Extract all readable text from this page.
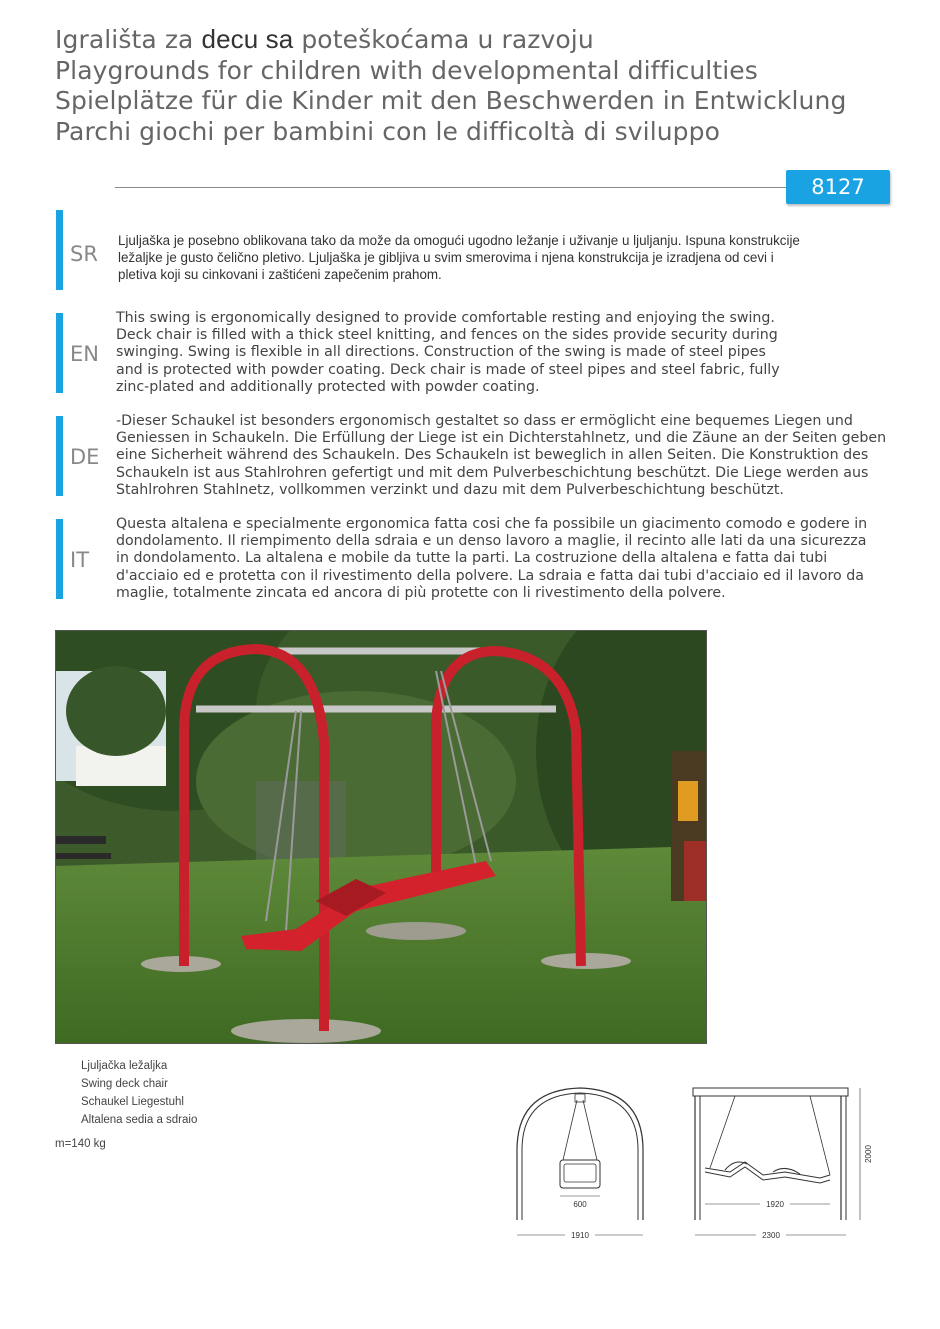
Igrališta za decu sa poteškoćama u razvoju
Playgrounds for children with developmental difficulties
Spielplätze für die Kinder mit den Beschwerden in Entwicklung
Parchi giochi per bambini con le difficoltà di sviluppo
8127
SR
Ljuljaška je posebno oblikovana tako da može da omogući ugodno ležanje i uživanje u ljuljanju. Ispuna konstrukcije
ležaljke je gusto čelično pletivo. Ljuljaška je gibljiva u svim smerovima i njena konstrukcija je izradjena od cevi i
pletiva koji su cinkovani i zaštićeni zapečenim prahom.
EN
This swing is ergonomically designed to provide comfortable resting and enjoying the swing.
Deck chair is filled with a thick steel knitting, and fences on the sides provide security during
swinging. Swing is flexible in all directions. Construction of the swing is made of steel pipes
and is protected with powder coating. Deck chair is made of steel pipes and steel fabric, fully
zinc-plated and additionally protected with powder coating.
DE
-Dieser Schaukel ist besonders ergonomisch gestaltet so dass er ermöglicht eine bequemes Liegen und
Geniessen in Schaukeln. Die Erfüllung der Liege ist ein Dichterstahlnetz, und die Zäune an der Seiten geben
eine Sicherheit während des Schaukeln. Des Schaukeln ist beweglich in allen Seiten. Die Konstruktion des
Schaukeln ist aus Stahlrohren gefertigt und mit dem Pulverbeschichtung beschützt. Die Liege werden aus
Stahlrohren Stahlnetz, vollkommen verzinkt und dazu mit dem Pulverbeschichtung beschützt.
IT
Questa altalena e specialmente ergonomica fatta cosi che fa possibile un giacimento comodo e godere in
dondolamento. Il riempimento della sdraia e un denso lavoro a maglie, il recinto alle lati da una sicurezza
in dondolamento. La altalena e mobile da tutte la parti. La costruzione della altalena e fatta dai tubi
d'acciaio ed e protetta con il rivestimento della polvere. La sdraia e fatta dai tubi d'acciaio ed il lavoro da
maglie, totalmente zincata ed ancora di più protette con li rivestimento della polvere.
Ljuljačka ležaljka
Swing deck chair
Schaukel Liegestuhl
Altalena sedia a sdraio
m=140 kg
600
1910
1920
2300
2000
